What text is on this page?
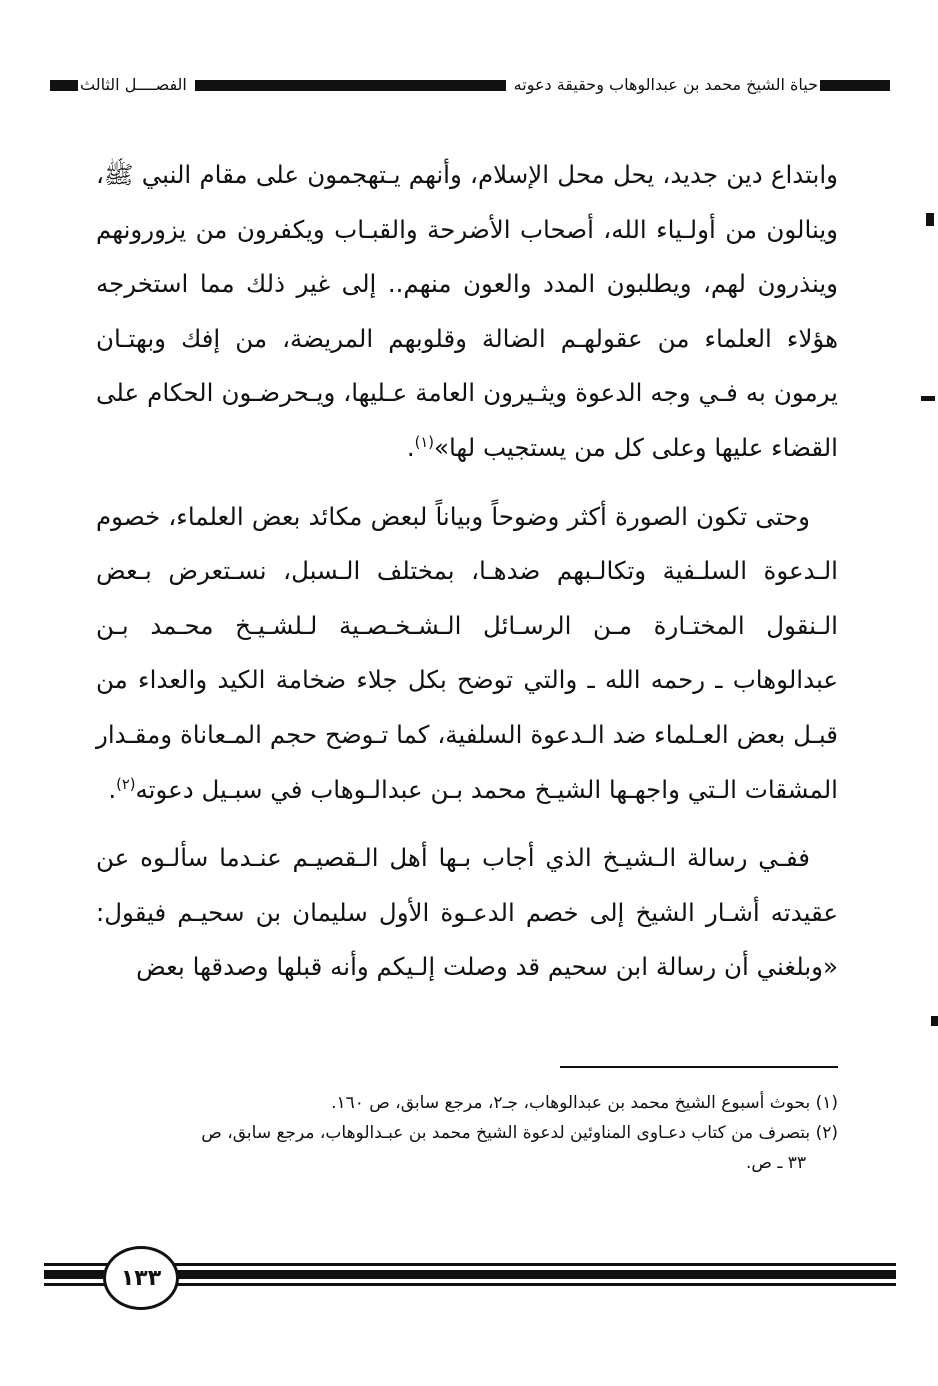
حياة الشيخ محمد بن عبدالوهاب وحقيقة دعوته
الفصــــل الثالث

وابتداع دين جديد، يحل محل الإسلام، وأنهم يـتهجمون على مقام النبي ﷺ، وينالون من أولـياء الله، أصحاب الأضرحة والقبـاب ويكفرون من يزورونهم وينذرون لهم، ويطلبون المدد والعون منهم.. إلى غير ذلك مما استخرجه هؤلاء العلماء من عقولهـم الضالة وقلوبهم المريضة، من إفك وبهتـان يرمون به فـي وجه الدعوة ويثـيرون العامة عـليها، ويـحرضـون الحكام على القضاء عليها وعلى كل من يستجيب لها»$^{(١)}$.

وحتى تكون الصورة أكثر وضوحاً وبياناً لبعض مكائد بعض العلماء، خصوم الـدعوة السلـفية وتكالـبهم ضدهـا، بمختلف الـسبل، نسـتعرض بـعض الـنقول المختـارة مـن الرسـائل الـشـخـصـية لـلشـيـخ محـمد بـن عبدالوهاب ـ رحمه الله ـ والتي توضح بكل جلاء ضخامة الكيد والعداء من قبـل بعض العـلماء ضد الـدعوة السلفية، كما تـوضح حجم المـعاناة ومقـدار المشقات الـتي واجهـها الشيـخ محمد بـن عبدالـوهاب في سبـيل دعوته$^{(٢)}$.

ففـي رسالة الـشيـخ الذي أجاب بـها أهل الـقصيـم عنـدما سألـوه عن عقيدته أشـار الشيخ إلى خصم الدعـوة الأول سليمان بن سحيـم فيقول: «وبلغني أن رسالة ابن سحيم قد وصلت إلـيكم وأنه قبلها وصدقها بعض

(١) بحوث أسبوع الشيخ محمد بن عبدالوهاب، جـ٢، مرجع سابق، ص ١٦٠.

(٢) بتصرف من كتاب دعـاوى المناوئين لدعوة الشيخ محمد بن عبـدالوهاب، مرجع سابق، ص

٣٣ ـ ص.

١٣٣
